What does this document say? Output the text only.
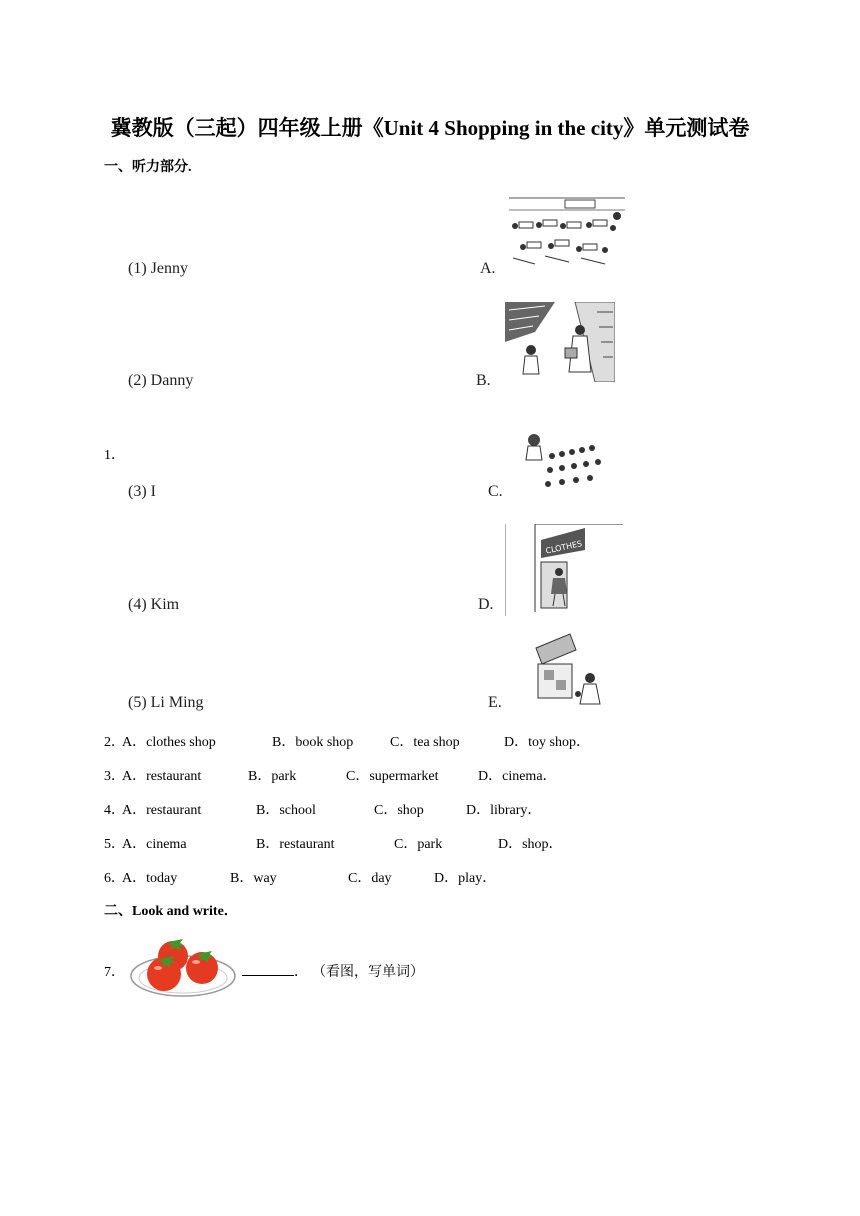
冀教版（三起）四年级上册《Unit 4 Shopping in the city》单元测试卷
一、听力部分.
(1) Jenny
(2) Danny
1．
(3) I
(4) Kim
(5) Li Ming
A.
B.
C.
D.
E.
CLOTHES
2．
A．clothes shop	B．book shop	C．tea shop	D．toy shop．
3．
A．restaurant	B．park	C．supermarket	D．cinema．
4．
A．restaurant	B．school	C．shop	D．library．
5．
A．cinema	B．restaurant	C．park	D．shop．
6．
A．today	B．way	C．day	D．play．
二、Look and write．
7．	． （看图，写单词）
